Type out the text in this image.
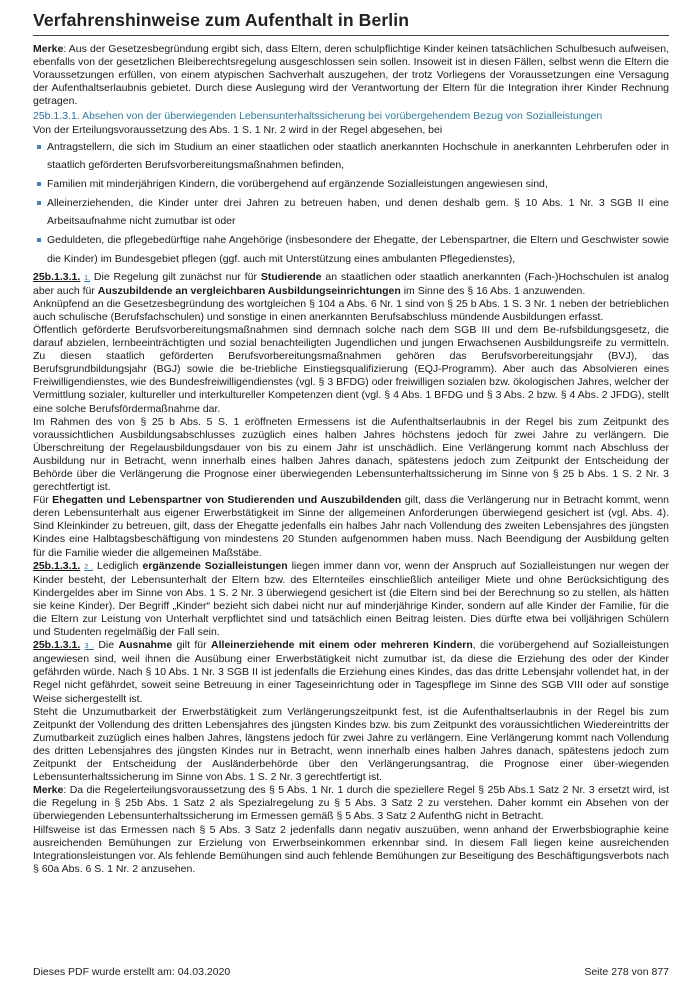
Verfahrenshinweise zum Aufenthalt in Berlin

Merke: Aus der Gesetzesbegründung ergibt sich, dass Eltern, deren schulpflichtige Kinder keinen tatsächlichen Schulbesuch aufweisen, ebenfalls von der gesetzlichen Bleiberechtsregelung ausgeschlossen sein sollen. Insoweit ist in diesen Fällen, selbst wenn die Eltern die Voraussetzungen erfüllen, von einem atypischen Sachverhalt auszugehen, der trotz Vorliegens der Voraussetzungen eine Versagung der Aufenthaltserlaubnis gebietet. Durch diese Auslegung wird der Verantwortung der Eltern für die Integration ihrer Kinder Rechnung getragen.

25b.1.3.1. Absehen von der überwiegenden Lebensunterhaltssicherung bei vorübergehendem Bezug von Sozialleistungen

Von der Erteilungsvoraussetzung des Abs. 1 S. 1 Nr. 2 wird in der Regel abgesehen, bei

Antragstellern, die sich im Studium an einer staatlichen oder staatlich anerkannten Hochschule in anerkannten Lehrberufen oder in staatlich geförderten Berufsvorbereitungsmaßnahmen befinden,
Familien mit minderjährigen Kindern, die vorübergehend auf ergänzende Sozialleistungen angewiesen sind,
Alleinerziehenden, die Kinder unter drei Jahren zu betreuen haben, und denen deshalb gem. § 10 Abs. 1 Nr. 3 SGB II eine Arbeitsaufnahme nicht zumutbar ist oder
Geduldeten, die pflegebedürftige nahe Angehörige (insbesondere der Ehegatte, der Lebenspartner, die Eltern und Geschwister sowie die Kinder) im Bundesgebiet pflegen (ggf. auch mit Unterstützung eines ambulanten Pflegedienstes),

25b.1.3.1. 1. Die Regelung gilt zunächst nur für Studierende an staatlichen oder staatlich anerkannten (Fach-)Hochschulen ist analog aber auch für Auszubildende an vergleichbaren Ausbildungseinrichtungen im Sinne des § 16 Abs. 1 anzuwenden.

Anknüpfend an die Gesetzesbegründung des wortgleichen § 104 a Abs. 6 Nr. 1 sind von § 25 b Abs. 1 S. 3 Nr. 1 neben der betrieblichen auch schulische (Berufsfachschulen) und sonstige in einen anerkannten Berufsabschluss mündende Ausbildungen erfasst.

Öffentlich geförderte Berufsvorbereitungsmaßnahmen sind demnach solche nach dem SGB III und dem Be-rufsbildungsgesetz, die darauf abzielen, lernbeeinträchtigten und sozial benachteiligten Jugendlichen und jungen Erwachsenen Ausbildungsreife zu vermitteln. Zu diesen staatlich geförderten Berufsvorbereitungsmaßnahmen gehören das Berufsvorbereitungsjahr (BVJ), das Berufsgrundbildungsjahr (BGJ) sowie die be-triebliche Einstiegsqualifizierung (EQJ-Programm). Aber auch das Absolvieren eines Freiwilligendienstes, wie des Bundesfreiwilligendienstes (vgl. § 3 BFDG) oder freiwilligen sozialen bzw. ökologischen Jahres, welcher der Vermittlung sozialer, kultureller und interkultureller Kompetenzen dient (vgl. § 4 Abs. 1 BFDG und § 3 Abs. 2 bzw. § 4 Abs. 2 JFDG), stellt eine solche Berufsfördermaßnahme dar.

Im Rahmen des von § 25 b Abs. 5 S. 1 eröffneten Ermessens ist die Aufenthaltserlaubnis in der Regel bis zum Zeitpunkt des voraussichtlichen Ausbildungsabschlusses zuzüglich eines halben Jahres höchstens jedoch für zwei Jahre zu verlängern. Die Überschreitung der Regelausbildungsdauer von bis zu einem Jahr ist unschädlich. Eine Verlängerung kommt nach Abschluss der Ausbildung nur in Betracht, wenn innerhalb eines halben Jahres danach, spätestens jedoch zum Zeitpunkt der Entscheidung der Behörde über die Verlängerung die Prognose einer überwiegenden Lebensunterhaltssicherung im Sinne von § 25 b Abs. 1 S. 2 Nr. 3 gerechtfertigt ist.

Für Ehegatten und Lebenspartner von Studierenden und Auszubildenden gilt, dass die Verlängerung nur in Betracht kommt, wenn deren Lebensunterhalt aus eigener Erwerbstätigkeit im Sinne der allgemeinen Anforderungen überwiegend gesichert ist (vgl. Abs. 4). Sind Kleinkinder zu betreuen, gilt, dass der Ehegatte jedenfalls ein halbes Jahr nach Vollendung des zweiten Lebensjahres des jüngsten Kindes eine Halbtagsbeschäftigung von mindestens 20 Stunden aufgenommen haben muss. Nach Beendigung der Ausbildung gelten für die Familie wieder die allgemeinen Maßstäbe.

25b.1.3.1. 2 . Lediglich ergänzende Sozialleistungen liegen immer dann vor, wenn der Anspruch auf Sozialleistungen nur wegen der Kinder besteht, der Lebensunterhalt der Eltern bzw. des Elternteiles einschließlich anteiliger Miete und ohne Berücksichtigung des Kindergeldes aber im Sinne von Abs. 1 S. 2 Nr. 3 überwiegend gesichert ist (die Eltern sind bei der Berechnung so zu stellen, als hätten sie keine Kinder). Der Begriff „Kinder“ bezieht sich dabei nicht nur auf minderjährige Kinder, sondern auf alle Kinder der Familie, für die die Eltern zur Leistung von Unterhalt verpflichtet sind und tatsächlich einen Beitrag leisten. Dies dürfte etwa bei volljährigen Schülern und Studenten regelmäßig der Fall sein.

25b.1.3.1. 3 . Die Ausnahme gilt für Alleinerziehende mit einem oder mehreren Kindern, die vorübergehend auf Sozialleistungen angewiesen sind, weil ihnen die Ausübung einer Erwerbstätigkeit nicht zumutbar ist, da diese die Erziehung des oder der Kinder gefährden würde. Nach § 10 Abs. 1 Nr. 3 SGB II ist jedenfalls die Erziehung eines Kindes, das das dritte Lebensjahr vollendet hat, in der Regel nicht gefährdet, soweit seine Betreuung in einer Tageseinrichtung oder in Tagespflege im Sinne des SGB VIII oder auf sonstige Weise sichergestellt ist.

Steht die Unzumutbarkeit der Erwerbstätigkeit zum Verlängerungszeitpunkt fest, ist die Aufenthaltserlaubnis in der Regel bis zum Zeitpunkt der Vollendung des dritten Lebensjahres des jüngsten Kindes bzw. bis zum Zeitpunkt des voraussichtlichen Wiedereintritts der Zumutbarkeit zuzüglich eines halben Jahres, längstens jedoch für zwei Jahre zu verlängern. Eine Verlängerung kommt nach Vollendung des dritten Lebensjahres des jüngsten Kindes nur in Betracht, wenn innerhalb eines halben Jahres danach, spätestens jedoch zum Zeitpunkt der Entscheidung der Ausländerbehörde über den Verlängerungsantrag, die Prognose einer über-wiegenden Lebensunterhaltssicherung im Sinne von Abs. 1 S. 2 Nr. 3 gerechtfertigt ist.

Merke: Da die Regelerteilungsvoraussetzung des § 5 Abs. 1 Nr. 1 durch die speziellere Regel § 25b Abs.1 Satz 2 Nr. 3 ersetzt wird, ist die Regelung in § 25b Abs. 1 Satz 2 als Spezialregelung zu § 5 Abs. 3 Satz 2 zu verstehen. Daher kommt ein Absehen von der überwiegenden Lebensunterhaltssicherung im Ermessen gemäß § 5 Abs. 3 Satz 2 AufenthG nicht in Betracht.

Hilfsweise ist das Ermessen nach § 5 Abs. 3 Satz 2 jedenfalls dann negativ auszuüben, wenn anhand der Erwerbsbiographie keine ausreichenden Bemühungen zur Erzielung von Erwerbseinkommen erkennbar sind. In diesem Fall liegen keine ausreichenden Integrationsleistungen vor. Als fehlende Bemühungen sind auch fehlende Bemühungen zur Beseitigung des Beschäftigungsverbots nach § 60a Abs. 6 S. 1 Nr. 2 anzusehen.

Dieses PDF wurde erstellt am: 04.03.2020	Seite 278 von 877
